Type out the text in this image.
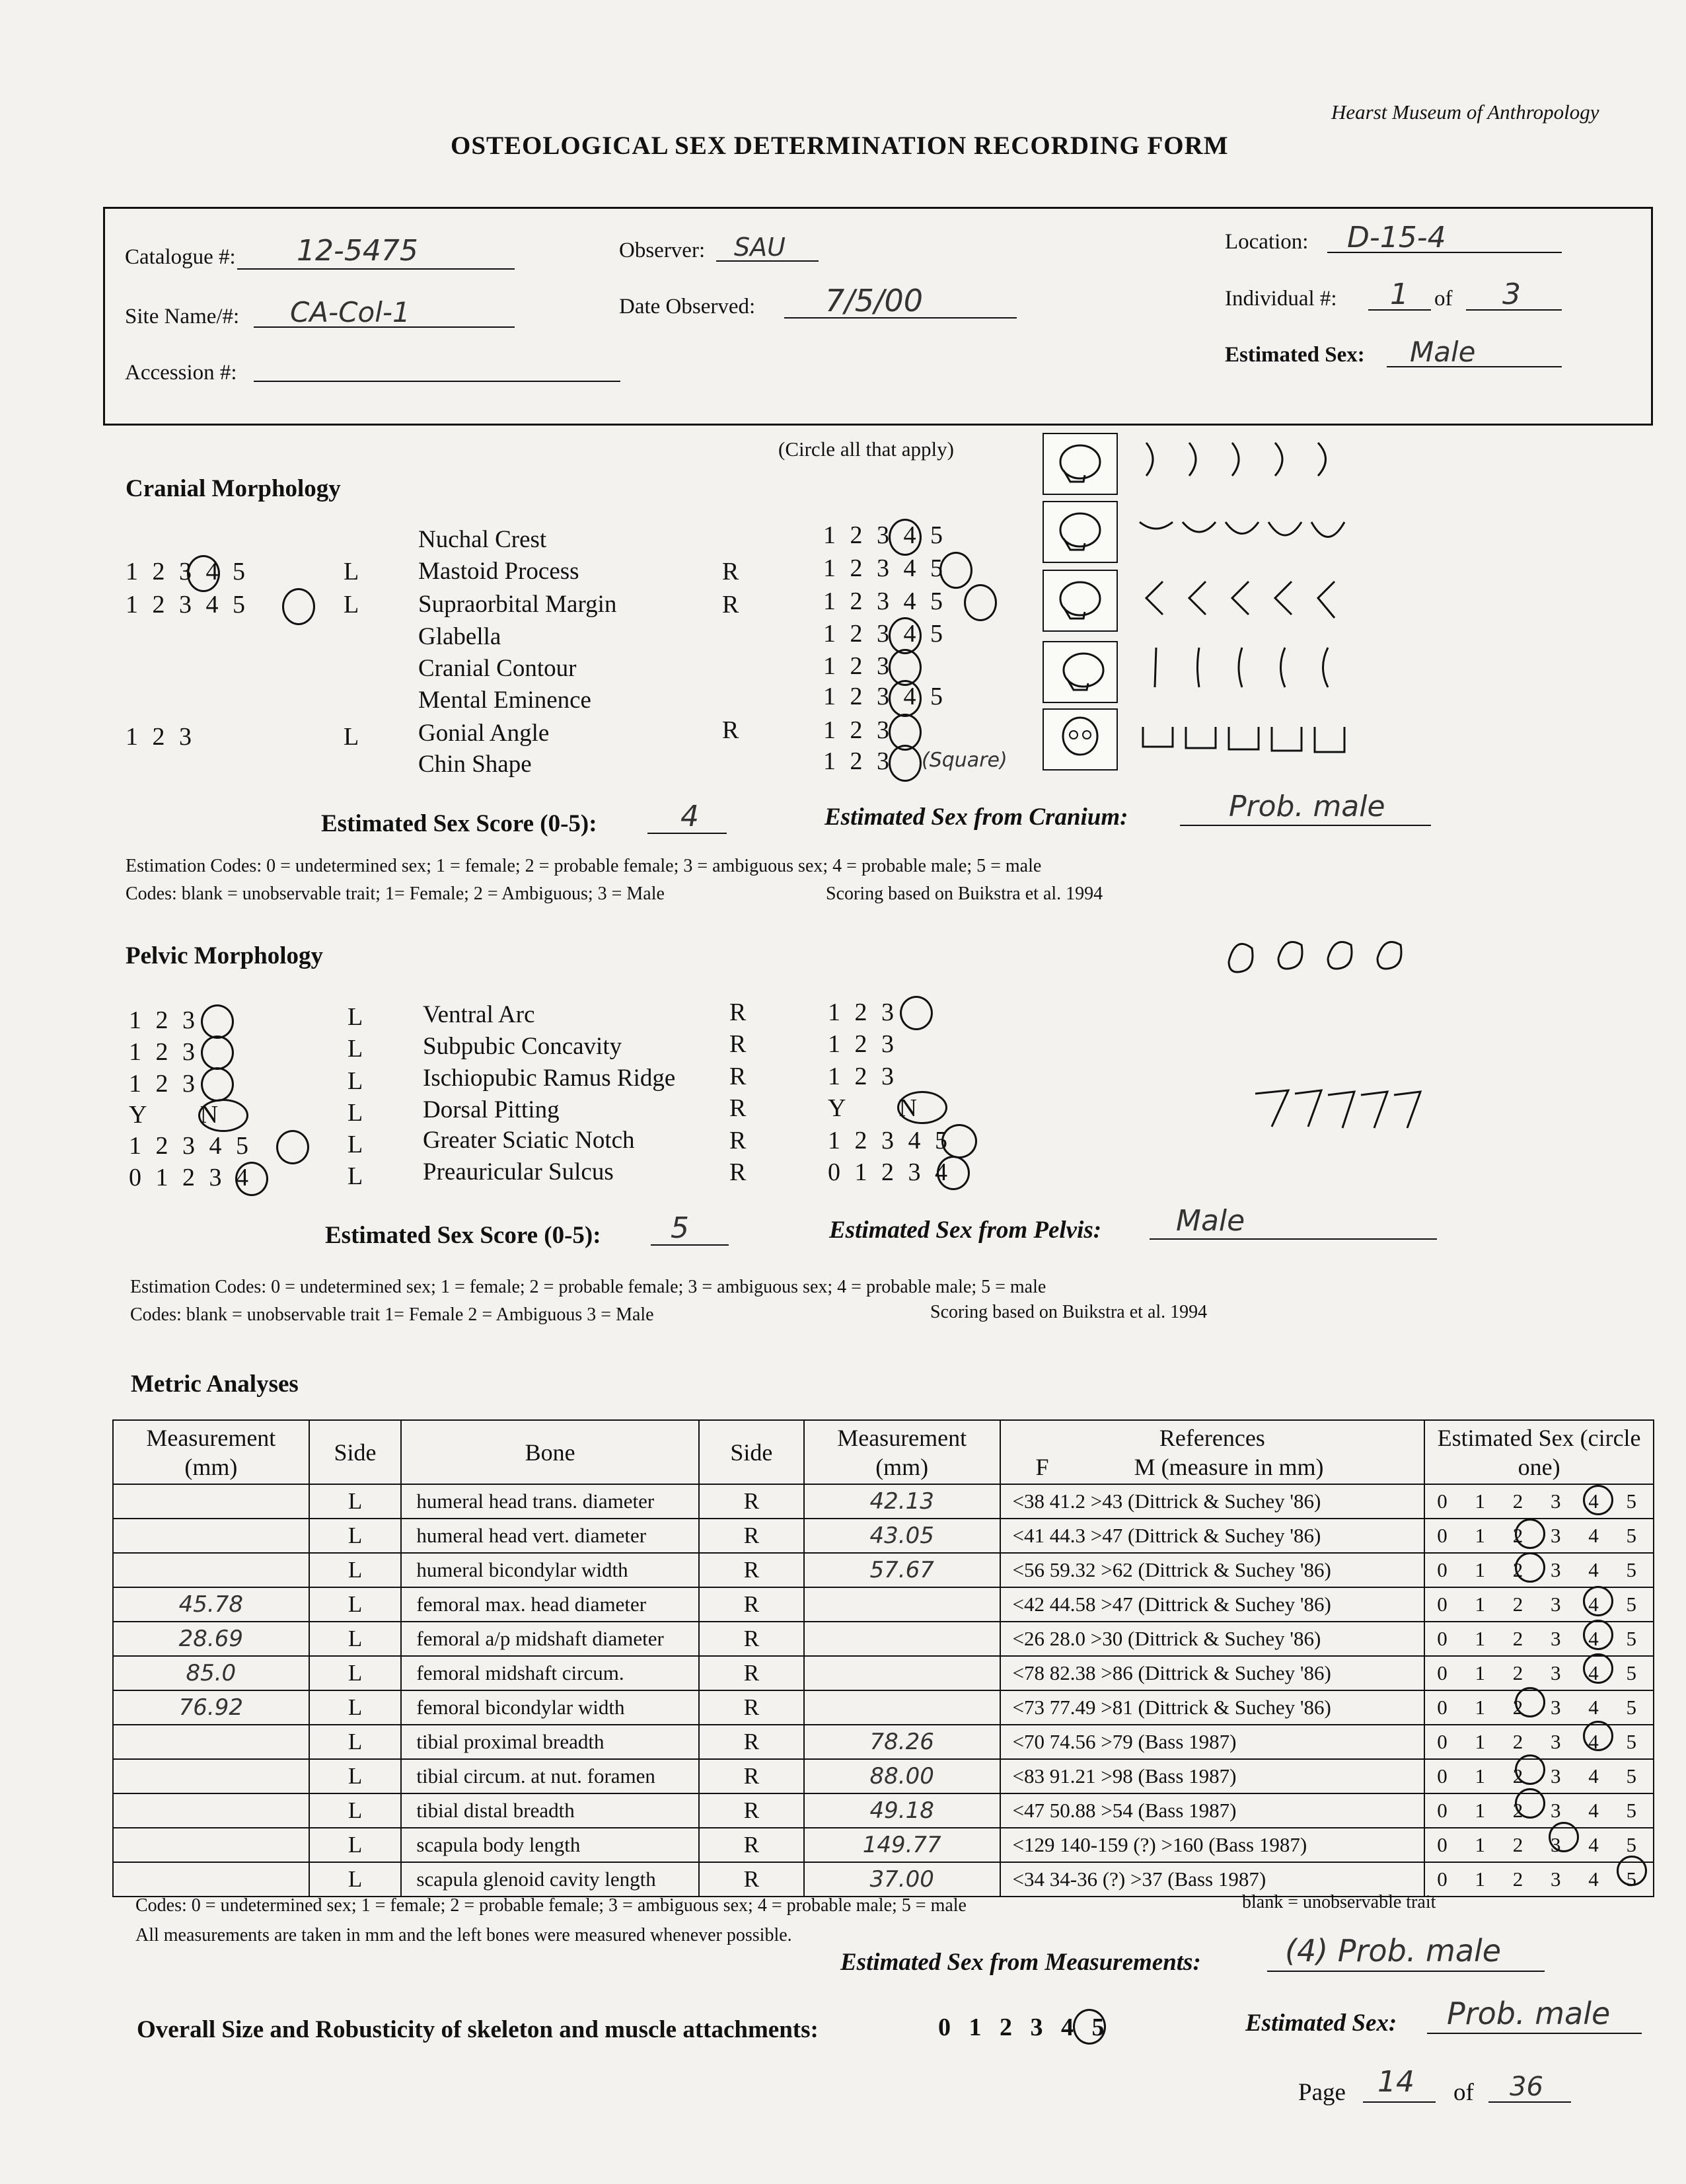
Hearst Museum of Anthropology
OSTEOLOGICAL SEX DETERMINATION RECORDING FORM
Catalogue #: 12-5475	Observer: SAU	Location: D-15-4
Site Name/#: CA-Col-1	Date Observed: 7/5/00	Individual #: 1 of 3
Accession #:
Estimated Sex: Male
(Circle all that apply)
Cranial Morphology
Nuchal Crest	1 2 3 4 5
1 2 3 4 5	L Mastoid Process	R	1 2 3 4 5
1 2 3 4 5	L Supraorbital Margin	R	1 2 3 4 5
Glabella	1 2 3 4 5
Cranial Contour	1 2 3
Mental Eminence	1 2 3 4 5
1 2 3	L Gonial Angle	R	1 2 3
Chin Shape	1 2 3 (Square)
Estimated Sex Score (0-5):	4	Estimated Sex from Cranium:	Prob. male
Estimation Codes: 0 = undetermined sex; 1 = female; 2 = probable female; 3 = ambiguous sex; 4 = probable male; 5 = male
Codes: blank = unobservable trait; 1= Female; 2 = Ambiguous; 3 = Male	Scoring based on Buikstra et al. 1994
Pelvic Morphology
1 2 3	L Ventral Arc	R	1 2 3
1 2 3	L Subpubic Concavity	R	1 2 3
1 2 3	L Ischiopubic Ramus Ridge R	1 2 3
Y N	L Dorsal Pitting	R	Y N
1 2 3 4 5	L Greater Sciatic Notch	R	1 2 3 4 5
0 1 2 3 4	L Preauricular Sulcus	R	0 1 2 3 4
Estimated Sex Score (0-5): 5	Estimated Sex from Pelvis:	Male
Estimation Codes: 0 = undetermined sex; 1 = female; 2 = probable female; 3 = ambiguous sex; 4 = probable male; 5 = male
Codes: blank = unobservable trait 1= Female 2 = Ambiguous 3 = Male	Scoring based on Buikstra et al. 1994
Metric Analyses
Measurement (mm)	Side	Bone	Side	Measurement (mm)	References
F M (measure in mm)	Estimated Sex (circle one)
	L	humeral head trans. diameter	R	42.13	<38 41.2 >43 (Dittrick & Suchey '86)	0 1 2 3 4 5
	L	humeral head vert. diameter	R	43.05	<41 44.3 >47 (Dittrick & Suchey '86)	0 1 2 3 4 5
	L	humeral bicondylar width	R	57.67	<56 59.32 >62 (Dittrick & Suchey '86)	0 1 2 3 4 5
45.78	L	femoral max. head diameter	R		<42 44.58 >47 (Dittrick & Suchey '86)	0 1 2 3 4 5
28.69	L	femoral a/p midshaft diameter	R		<26 28.0 >30 (Dittrick & Suchey '86)	0 1 2 3 4 5
85.0	L	femoral midshaft circum.	R		<78 82.38 >86 (Dittrick & Suchey '86)	0 1 2 3 4 5
76.92	L	femoral bicondylar width	R		<73 77.49 >81 (Dittrick & Suchey '86)	0 1 2 3 4 5
	L	tibial proximal breadth	R	78.26	<70 74.56 >79 (Bass 1987)	0 1 2 3 4 5
	L	tibial circum. at nut. foramen	R	88.00	<83 91.21 >98 (Bass 1987)	0 1 2 3 4 5
	L	tibial distal breadth	R	49.18	<47 50.88 >54 (Bass 1987)	0 1 2 3 4 5
	L	scapula body length	R	149.77	<129 140-159 (?) >160 (Bass 1987)	0 1 2 3 4 5
	L	scapula glenoid cavity length	R	37.00	<34 34-36 (?) >37 (Bass 1987)	0 1 2 3 4 5
Codes: 0 = undetermined sex; 1 = female; 2 = probable female; 3 = ambiguous sex; 4 = probable male; 5 = male	blank = unobservable trait
All measurements are taken in mm and the left bones were measured whenever possible.
Estimated Sex from Measurements:	(4) Prob. male
Overall Size and Robusticity of skeleton and muscle attachments:	0 1 2 3 4 5	Estimated Sex: Prob. male
Page 14 of 36
